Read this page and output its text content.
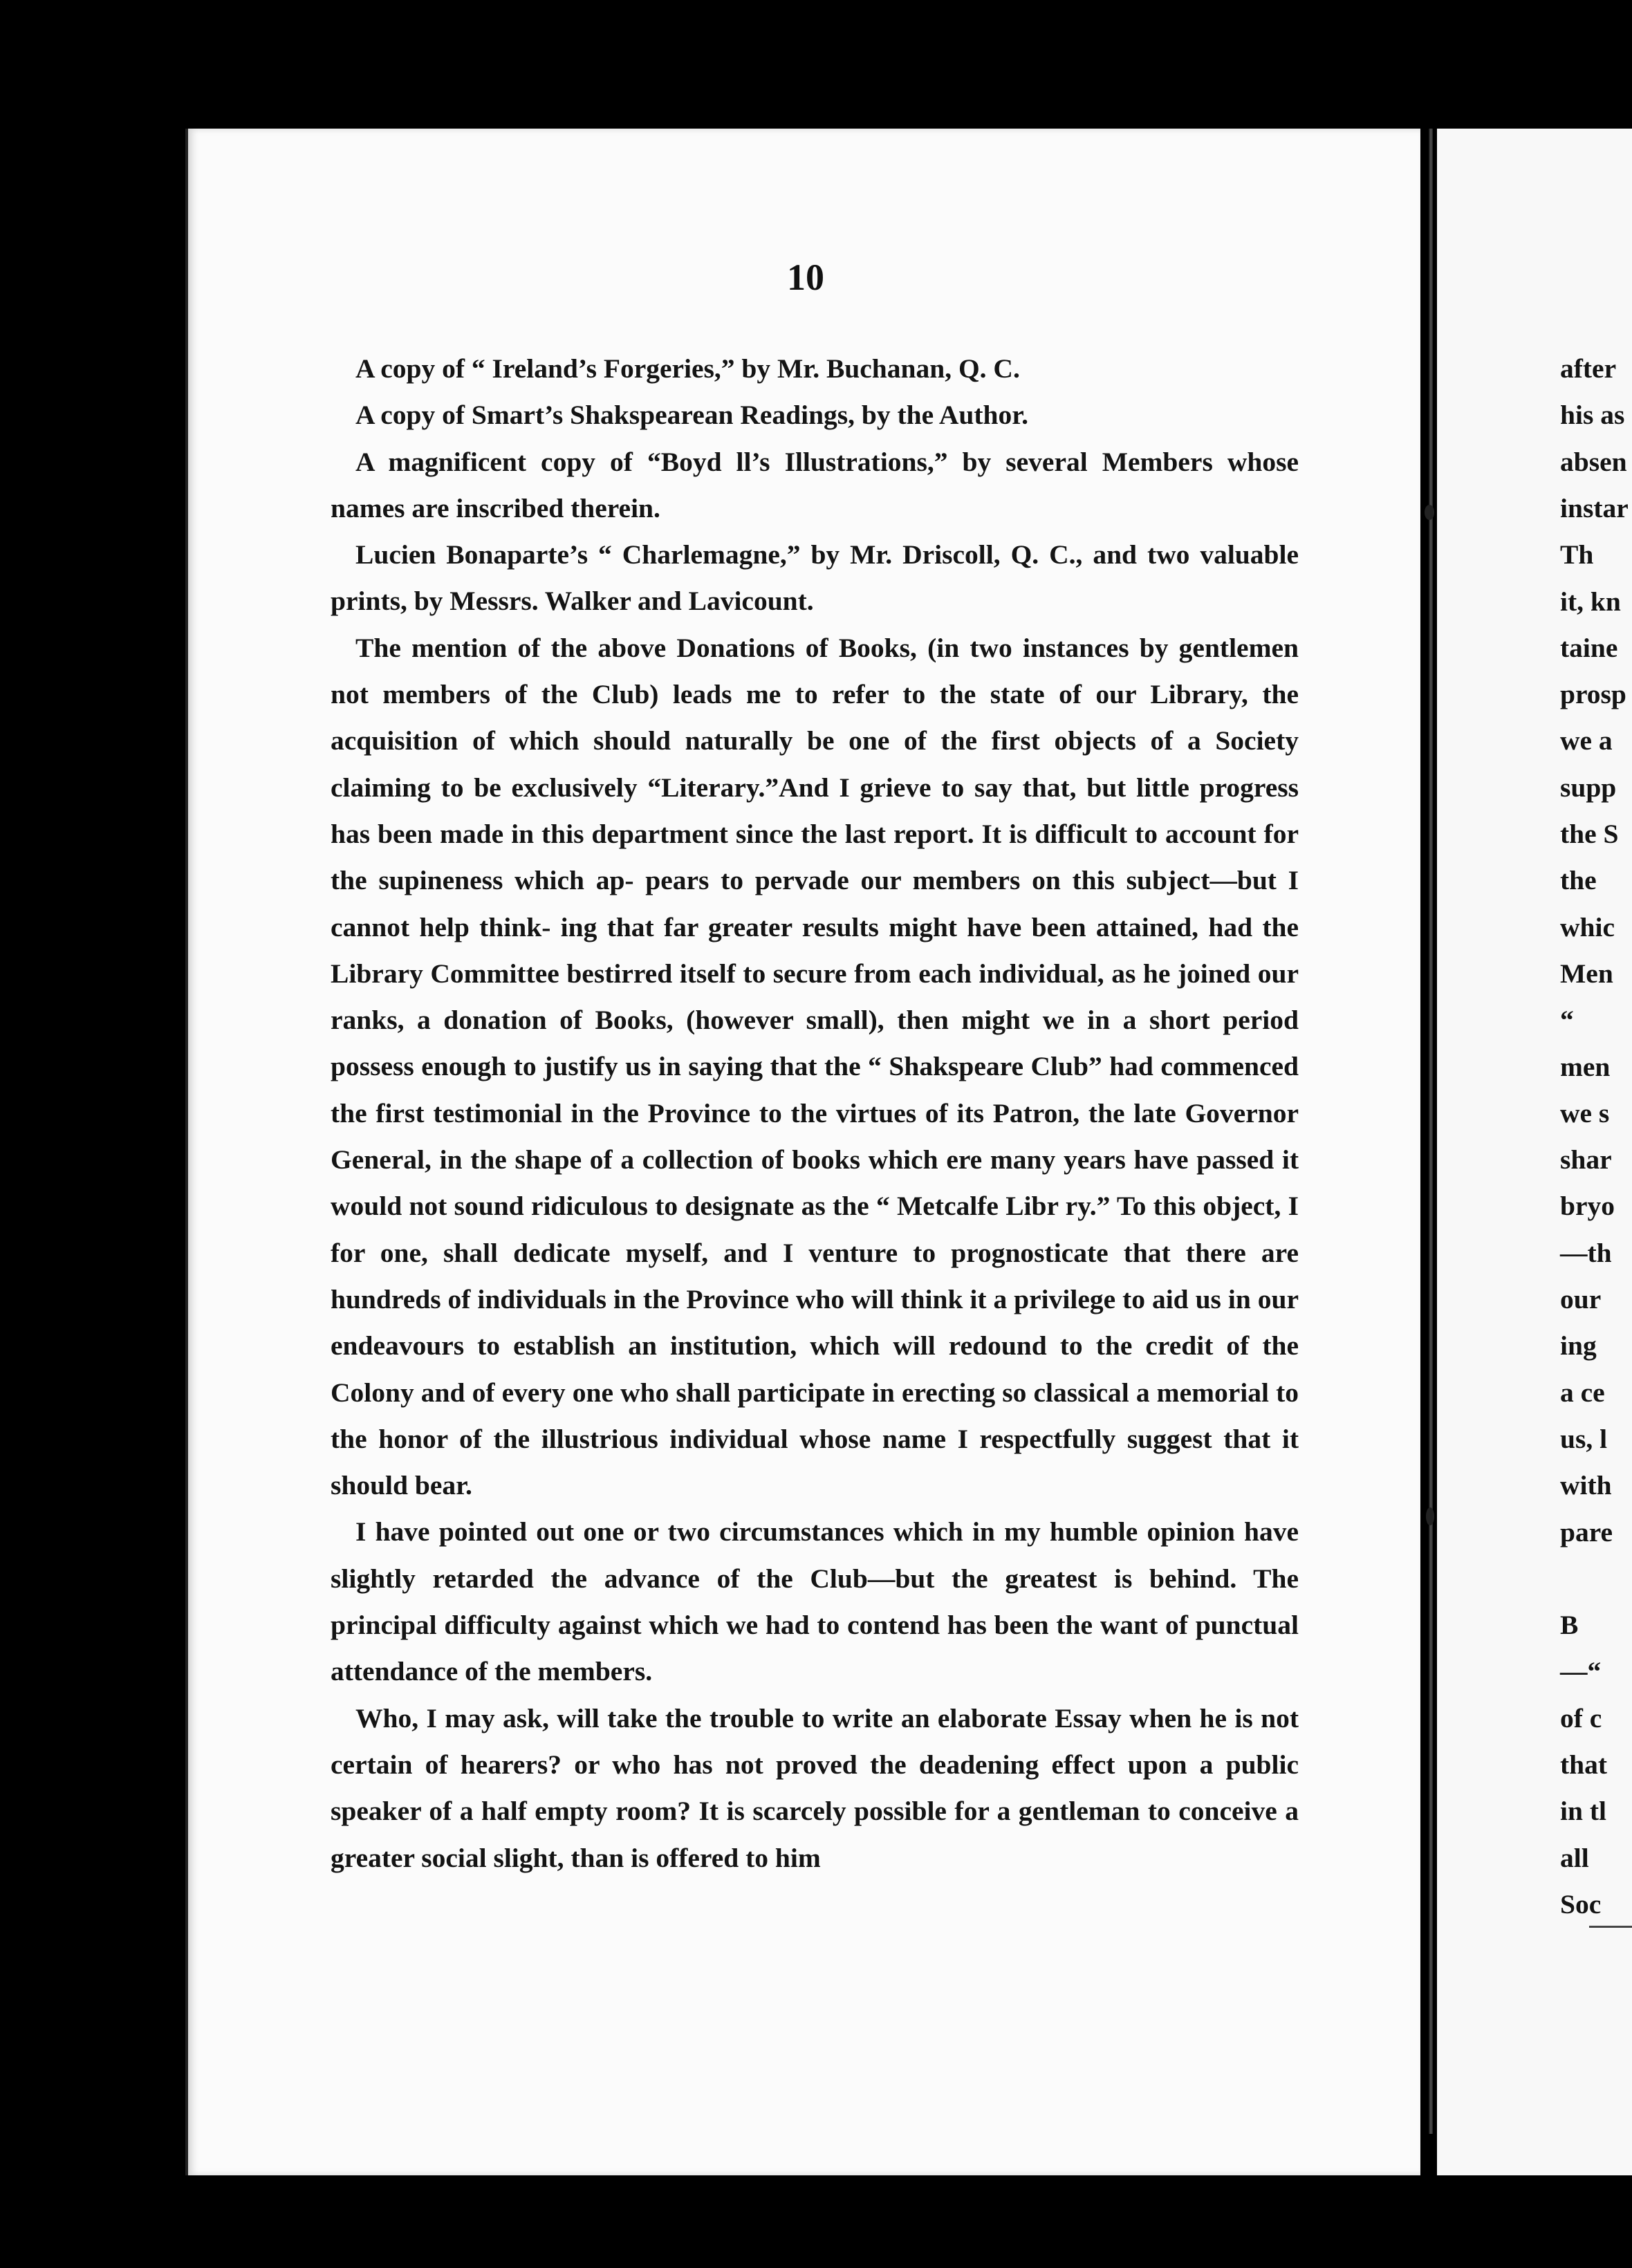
10

A copy of “ Ireland’s Forgeries,” by Mr. Buchanan, Q. C.

A copy of Smart’s Shakspearean Readings, by the Author.

A magnificent copy of “Boyd ll’s Illustrations,” by several Members whose names are inscribed therein.

Lucien Bonaparte’s “ Charlemagne,” by Mr. Driscoll, Q. C., and two valuable prints, by Messrs. Walker and Lavicount.

The mention of the above Donations of Books, (in two instances by gentlemen not members of the Club) leads me to refer to the state of our Library, the acquisition of which should naturally be one of the first objects of a Society claiming to be exclusively “Literary.”And I grieve to say that, but little progress has been made in this department since the last report. It is difficult to account for the supineness which ap- pears to pervade our members on this subject—but I cannot help think- ing that far greater results might have been attained, had the Library Committee bestirred itself to secure from each individual, as he joined our ranks, a donation of Books, (however small), then might we in a short period possess enough to justify us in saying that the “ Shakspeare Club” had commenced the first testimonial in the Province to the virtues of its Patron, the late Governor General, in the shape of a collection of books which ere many years have passed it would not sound ridiculous to designate as the “ Metcalfe Libr ry.” To this object, I for one, shall dedicate myself, and I venture to prognosticate that there are hundreds of individuals in the Province who will think it a privilege to aid us in our endeavours to establish an institution, which will redound to the credit of the Colony and of every one who shall participate in erecting so classical a memorial to the honor of the illustrious individual whose name I respectfully suggest that it should bear.

I have pointed out one or two circumstances which in my humble opinion have slightly retarded the advance of the Club—but the greatest is behind. The principal difficulty against which we had to contend has been the want of punctual attendance of the members.

Who, I may ask, will take the trouble to write an elaborate Essay when he is not certain of hearers? or who has not proved the deadening effect upon a public speaker of a half empty room? It is scarcely possible for a gentleman to conceive a greater social slight, than is offered to him

after
his as
absen
instar
Th
it, kn
taine
prosp
we a
supp
the S
the
whic
Men
“
men
we s
shar
bryo
—th
our
ing
a ce
us, l
with
pare
B
—“
of c
that
in tl
all
Soc
